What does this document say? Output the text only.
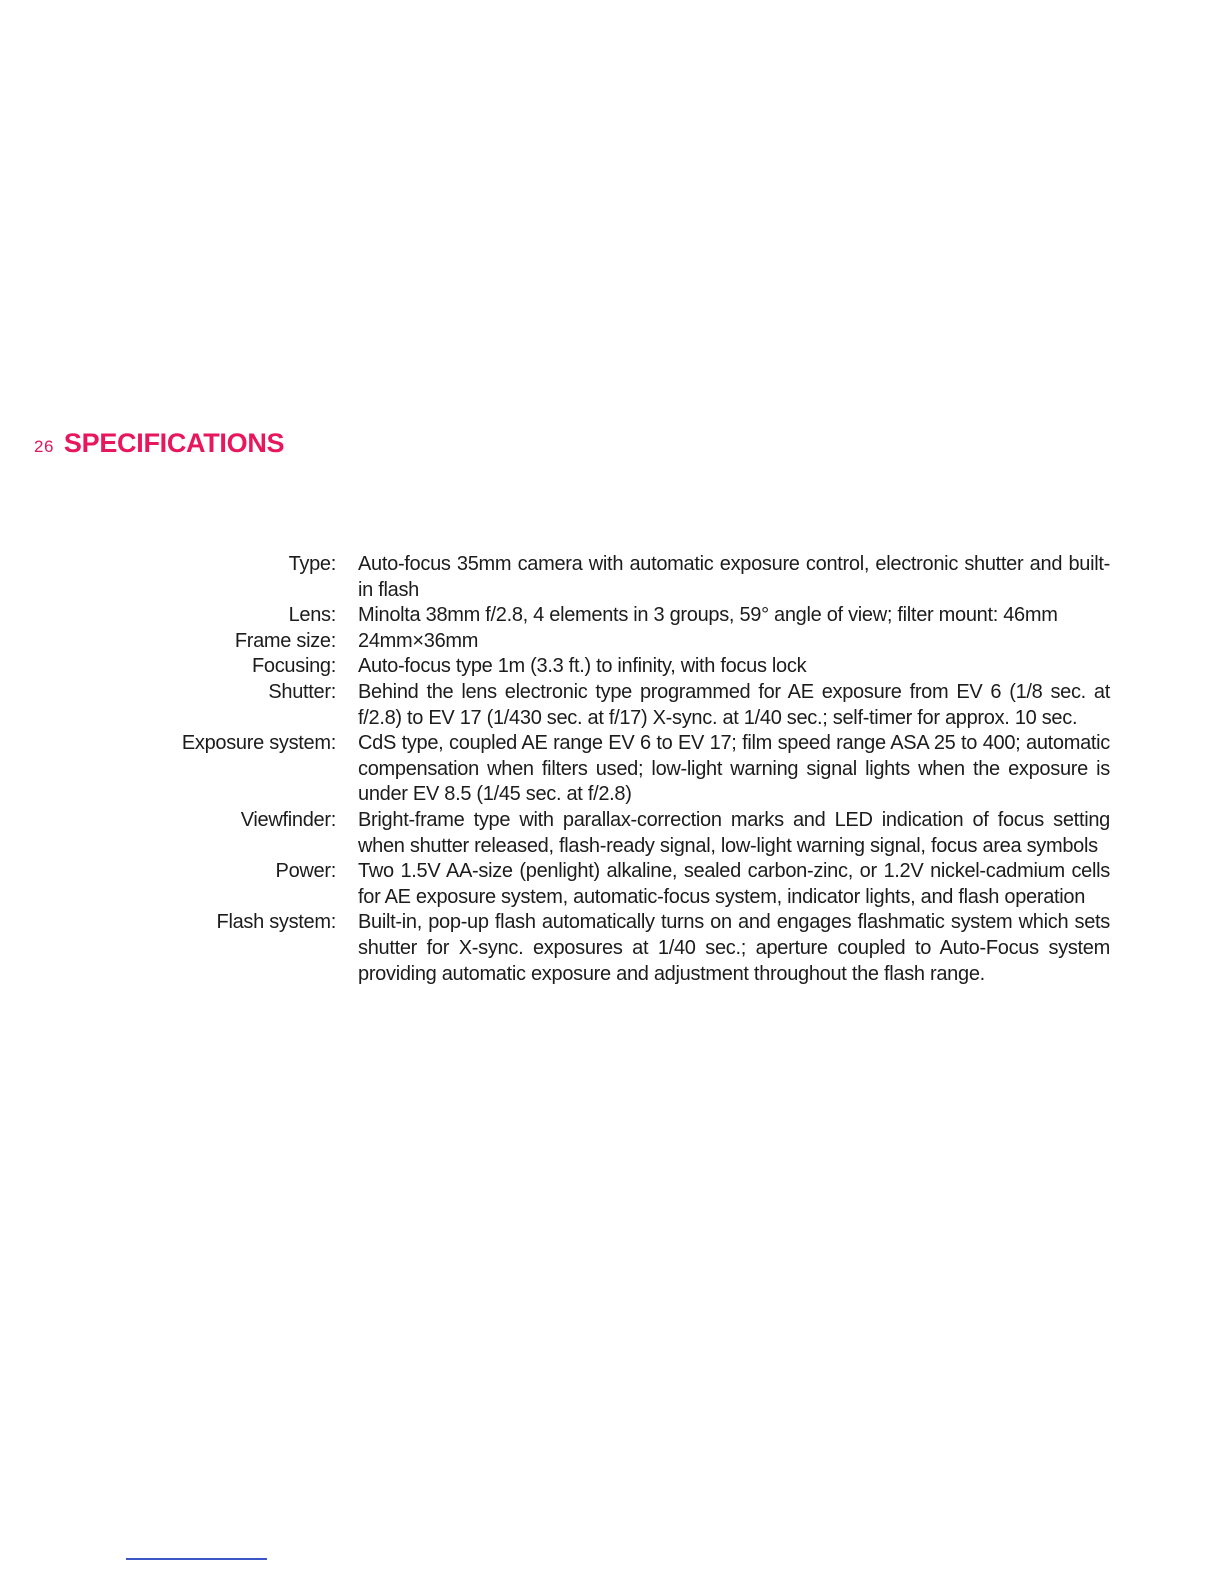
26 SPECIFICATIONS
Type: Auto-focus 35mm camera with automatic exposure control, electronic shutter and built-in flash
Lens: Minolta 38mm f/2.8, 4 elements in 3 groups, 59° angle of view; filter mount: 46mm
Frame size: 24mm×36mm
Focusing: Auto-focus type 1m (3.3 ft.) to infinity, with focus lock
Shutter: Behind the lens electronic type programmed for AE exposure from EV 6 (1/8 sec. at f/2.8) to EV 17 (1/430 sec. at f/17) X-sync. at 1/40 sec.; self-timer for approx. 10 sec.
Exposure system: CdS type, coupled AE range EV 6 to EV 17; film speed range ASA 25 to 400; automatic compensation when filters used; low-light warning signal lights when the exposure is under EV 8.5 (1/45 sec. at f/2.8)
Viewfinder: Bright-frame type with parallax-correction marks and LED indication of focus setting when shutter released, flash-ready signal, low-light warning signal, focus area symbols
Power: Two 1.5V AA-size (penlight) alkaline, sealed carbon-zinc, or 1.2V nickel-cadmium cells for AE exposure system, automatic-focus system, indicator lights, and flash operation
Flash system: Built-in, pop-up flash automatically turns on and engages flashmatic system which sets shutter for X-sync. exposures at 1/40 sec.; aperture coupled to Auto-Focus system providing automatic exposure and adjustment throughout the flash range.
